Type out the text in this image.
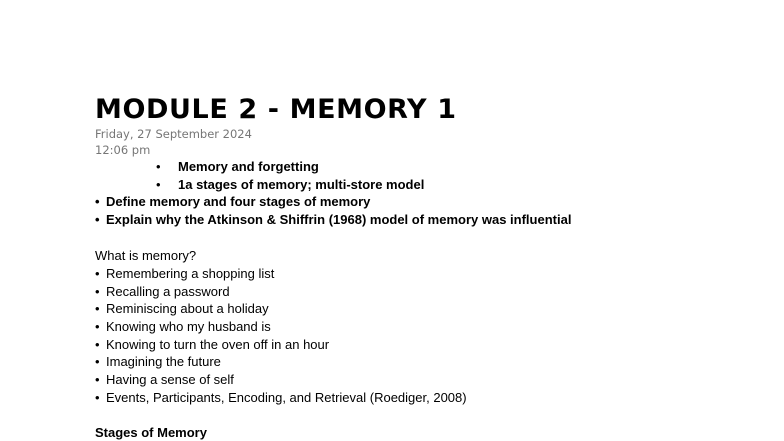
MODULE 2 - MEMORY 1
Friday, 27 September 2024
12:06 pm
• Memory and forgetting
• 1a stages of memory; multi-store model
• Define memory and four stages of memory
• Explain why the Atkinson & Shiffrin (1968) model of memory was influential
What is memory?
• Remembering a shopping list
• Recalling a password
• Reminiscing about a holiday
• Knowing who my husband is
• Knowing to turn the oven off in an hour
• Imagining the future
• Having a sense of self
• Events, Participants, Encoding, and Retrieval (Roediger, 2008)
Stages of Memory
